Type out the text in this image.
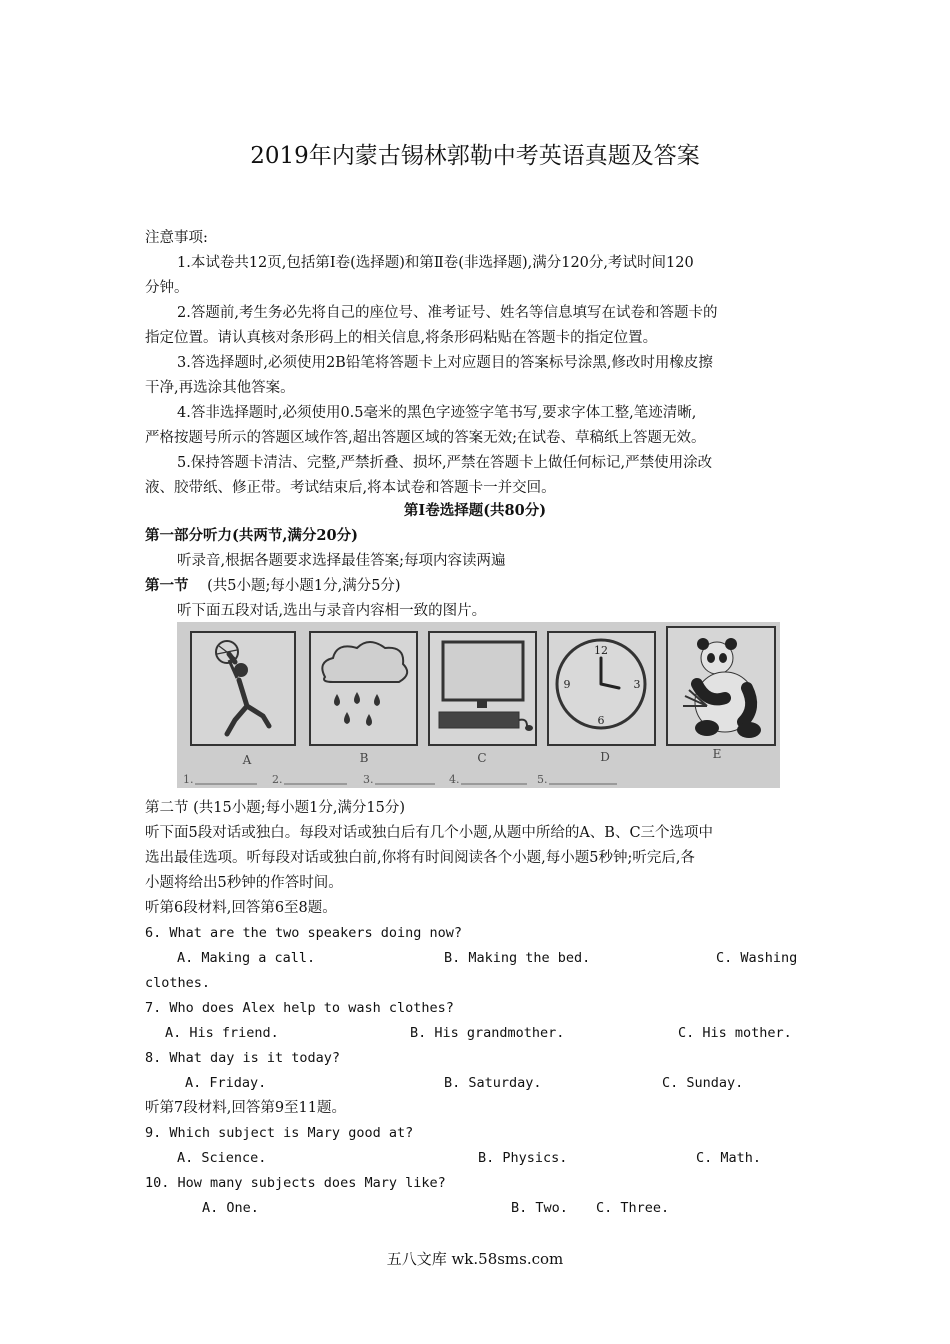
2019年内蒙古锡林郭勒中考英语真题及答案
注意事项:
1.本试卷共12页,包括第Ⅰ卷(选择题)和第Ⅱ卷(非选择题),满分120分,考试时间120
分钟。
2.答题前,考生务必先将自己的座位号、准考证号、姓名等信息填写在试卷和答题卡的
指定位置。请认真核对条形码上的相关信息,将条形码粘贴在答题卡的指定位置。
3.答选择题时,必须使用2B铅笔将答题卡上对应题目的答案标号涂黑,修改时用橡皮擦
干净,再选涂其他答案。
4.答非选择题时,必须使用0.5毫米的黑色字迹签字笔书写,要求字体工整,笔迹清晰,
严格按题号所示的答题区域作答,超出答题区域的答案无效;在试卷、草稿纸上答题无效。
5.保持答题卡清洁、完整,严禁折叠、损坏,严禁在答题卡上做任何标记,严禁使用涂改
液、胶带纸、修正带。考试结束后,将本试卷和答题卡一并交回。
第Ⅰ卷选择题(共80分)
第一部分听力(共两节,满分20分)
听录音,根据各题要求选择最佳答案;每项内容读两遍
第一节 (共5小题;每小题1分,满分5分)
听下面五段对话,选出与录音内容相一致的图片。
12
3
6
9
A	B	C	D	E
1.	2.	3.	4.	5.
第二节 (共15小题;每小题1分,满分15分)
听下面5段对话或独白。每段对话或独白后有几个小题,从题中所给的A、B、C三个选项中
选出最佳选项。听每段对话或独白前,你将有时间阅读各个小题,每小题5秒钟;听完后,各
小题将给出5秒钟的作答时间。
听第6段材料,回答第6至8题。
6. What are the two speakers doing now?
A. Making a call.	B. Making the bed.	C. Washing
clothes.
7. Who does Alex help to wash clothes?
A. His friend.	B. His grandmother.	C. His mother.
8. What day is it today?
A. Friday.	B. Saturday.	C. Sunday.
听第7段材料,回答第9至11题。
9. Which subject is Mary good at?
A. Science.	B. Physics.	C. Math.
10. How many subjects does Mary like?
A. One.	B. Two. C. Three.
五八文库 wk.58sms.com
